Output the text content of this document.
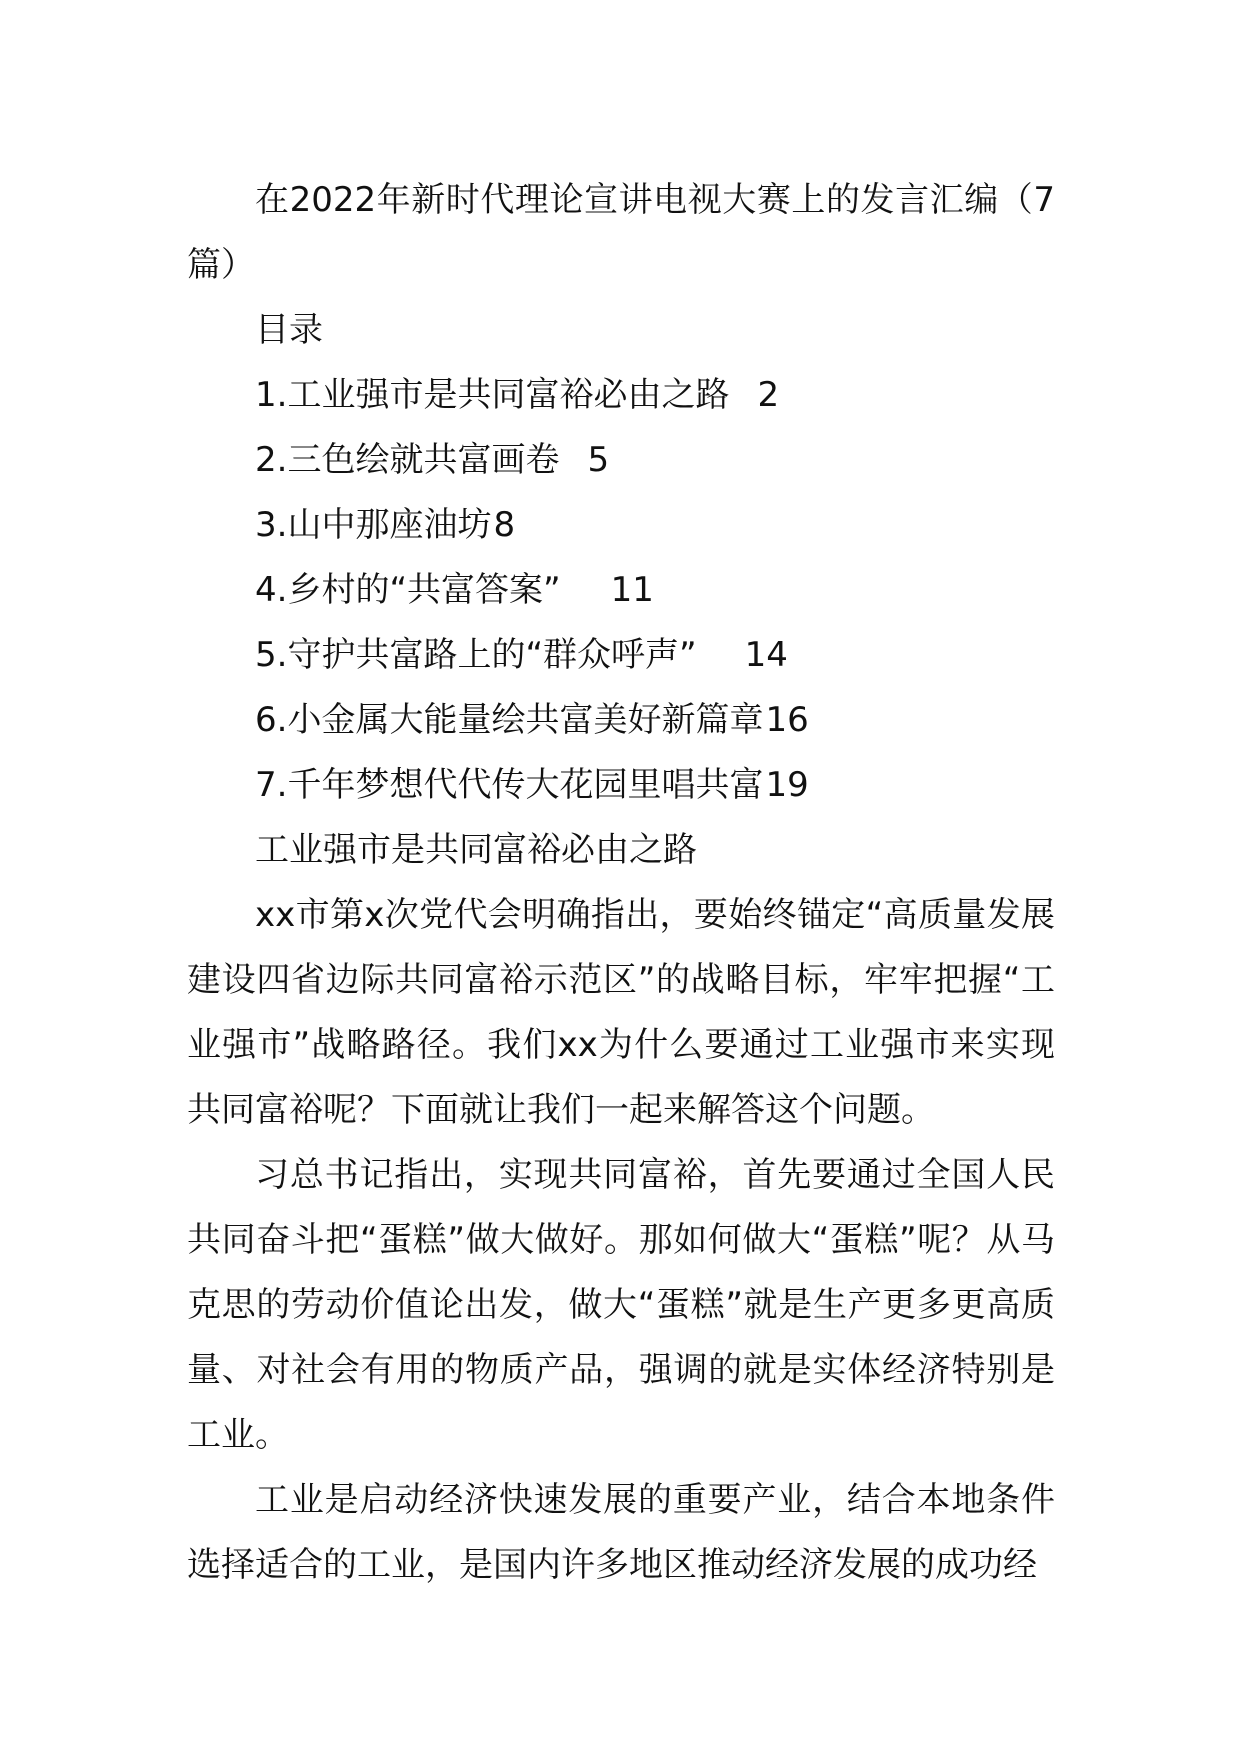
在2022年新时代理论宣讲电视大赛上的发言汇编（7篇）

目录

1.工业强市是共同富裕必由之路 2
2.三色绘就共富画卷 5
3.山中那座油坊8
4.乡村的“共富答案” 11
5.守护共富路上的“群众呼声” 14
6.小金属大能量绘共富美好新篇章16
7.千年梦想代代传大花园里唱共富19

工业强市是共同富裕必由之路

xx市第x次党代会明确指出，要始终锚定“高质量发展建设四省边际共同富裕示范区”的战略目标，牢牢把握“工业强市”战略路径。我们xx为什么要通过工业强市来实现共同富裕呢？下面就让我们一起来解答这个问题。

习总书记指出，实现共同富裕，首先要通过全国人民共同奋斗把“蛋糕”做大做好。那如何做大“蛋糕”呢？从马克思的劳动价值论出发，做大“蛋糕”就是生产更多更高质量、对社会有用的物质产品，强调的就是实体经济特别是工业。

工业是启动经济快速发展的重要产业，结合本地条件选择适合的工业，是国内许多地区推动经济发展的成功经
